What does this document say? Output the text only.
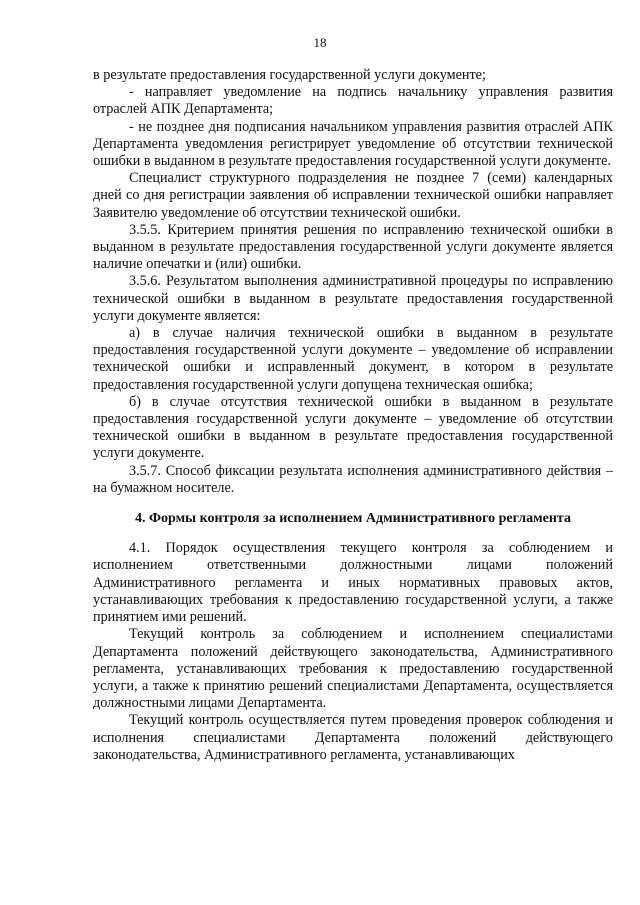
18

в результате предоставления государственной услуги документе;

- направляет уведомление на подпись начальнику управления развития отраслей АПК Департамента;

- не позднее дня подписания начальником управления развития отраслей АПК Департамента уведомления регистрирует уведомление об отсутствии технической ошибки в выданном в результате предоставления государственной услуги документе.

Специалист структурного подразделения не позднее 7 (семи) календарных дней со дня регистрации заявления об исправлении технической ошибки направляет Заявителю уведомление об отсутствии технической ошибки.

3.5.5. Критерием принятия решения по исправлению технической ошибки в выданном в результате предоставления государственной услуги документе является наличие опечатки и (или) ошибки.

3.5.6. Результатом выполнения административной процедуры по исправлению технической ошибки в выданном в результате предоставления государственной услуги документе является:

а) в случае наличия технической ошибки в выданном в результате предоставления государственной услуги документе – уведомление об исправлении технической ошибки и исправленный документ, в котором в результате предоставления государственной услуги допущена техническая ошибка;

б) в случае отсутствия технической ошибки в выданном в результате предоставления государственной услуги документе – уведомление об отсутствии технической ошибки в выданном в результате предоставления государственной услуги документе.

3.5.7. Способ фиксации результата исполнения административного действия – на бумажном носителе.

4. Формы контроля за исполнением Административного регламента

4.1. Порядок осуществления текущего контроля за соблюдением и исполнением ответственными должностными лицами положений Административного регламента и иных нормативных правовых актов, устанавливающих требования к предоставлению государственной услуги, а также принятием ими решений.

Текущий контроль за соблюдением и исполнением специалистами Департамента положений действующего законодательства, Административного регламента, устанавливающих требования к предоставлению государственной услуги, а также к принятию решений специалистами Департамента, осуществляется должностными лицами Департамента.

Текущий контроль осуществляется путем проведения проверок соблюдения и исполнения специалистами Департамента положений действующего законодательства, Административного регламента, устанавливающих
